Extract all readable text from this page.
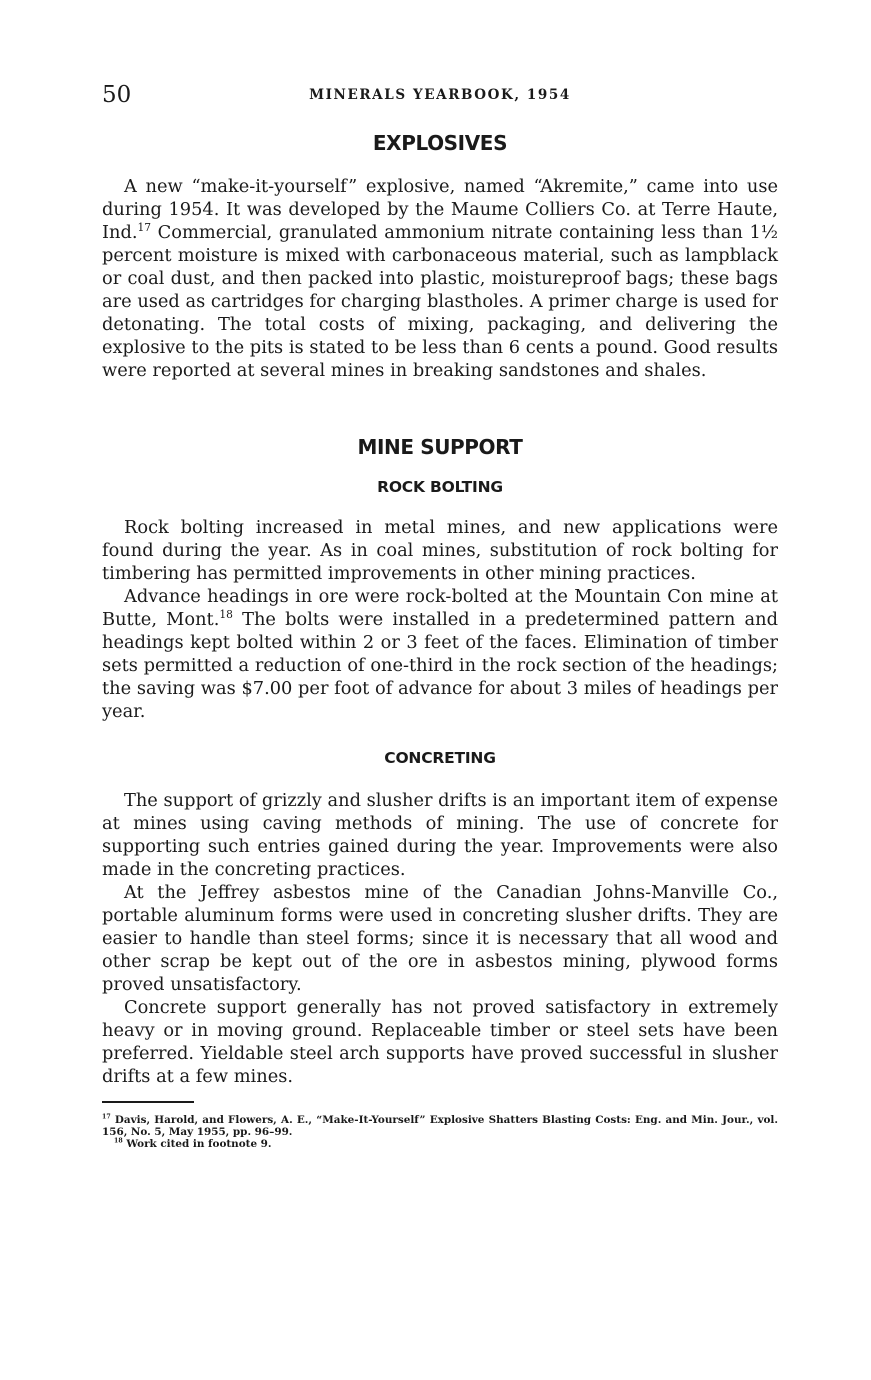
50	MINERALS YEARBOOK, 1954
EXPLOSIVES

A new “make-it-yourself” explosive, named “Akremite,” came into use during 1954. It was developed by the Maume Colliers Co. at Terre Haute, Ind.$^{17}$ Commercial, granulated ammonium nitrate containing less than 1½ percent moisture is mixed with carbonaceous material, such as lampblack or coal dust, and then packed into plastic, moistureproof bags; these bags are used as cartridges for charging blastholes. A primer charge is used for detonating. The total costs of mixing, packaging, and delivering the explosive to the pits is stated to be less than 6 cents a pound. Good results were reported at several mines in breaking sandstones and shales.

MINE SUPPORT
ROCK BOLTING

Rock bolting increased in metal mines, and new applications were found during the year. As in coal mines, substitution of rock bolting for timbering has permitted improvements in other mining practices.

Advance headings in ore were rock-bolted at the Mountain Con mine at Butte, Mont.$^{18}$ The bolts were installed in a predetermined pattern and headings kept bolted within 2 or 3 feet of the faces. Elimination of timber sets permitted a reduction of one-third in the rock section of the headings; the saving was $7.00 per foot of advance for about 3 miles of headings per year.

CONCRETING

The support of grizzly and slusher drifts is an important item of expense at mines using caving methods of mining. The use of concrete for supporting such entries gained during the year. Improvements were also made in the concreting practices.

At the Jeffrey asbestos mine of the Canadian Johns-Manville Co., portable aluminum forms were used in concreting slusher drifts. They are easier to handle than steel forms; since it is necessary that all wood and other scrap be kept out of the ore in asbestos mining, plywood forms proved unsatisfactory.

Concrete support generally has not proved satisfactory in extremely heavy or in moving ground. Replaceable timber or steel sets have been preferred. Yieldable steel arch supports have proved successful in slusher drifts at a few mines.

$^{17}$ Davis, Harold, and Flowers, A. E., “Make-It-Yourself” Explosive Shatters Blasting Costs: Eng. and Min. Jour., vol. 156, No. 5, May 1955, pp. 96–99.

$^{18}$ Work cited in footnote 9.
